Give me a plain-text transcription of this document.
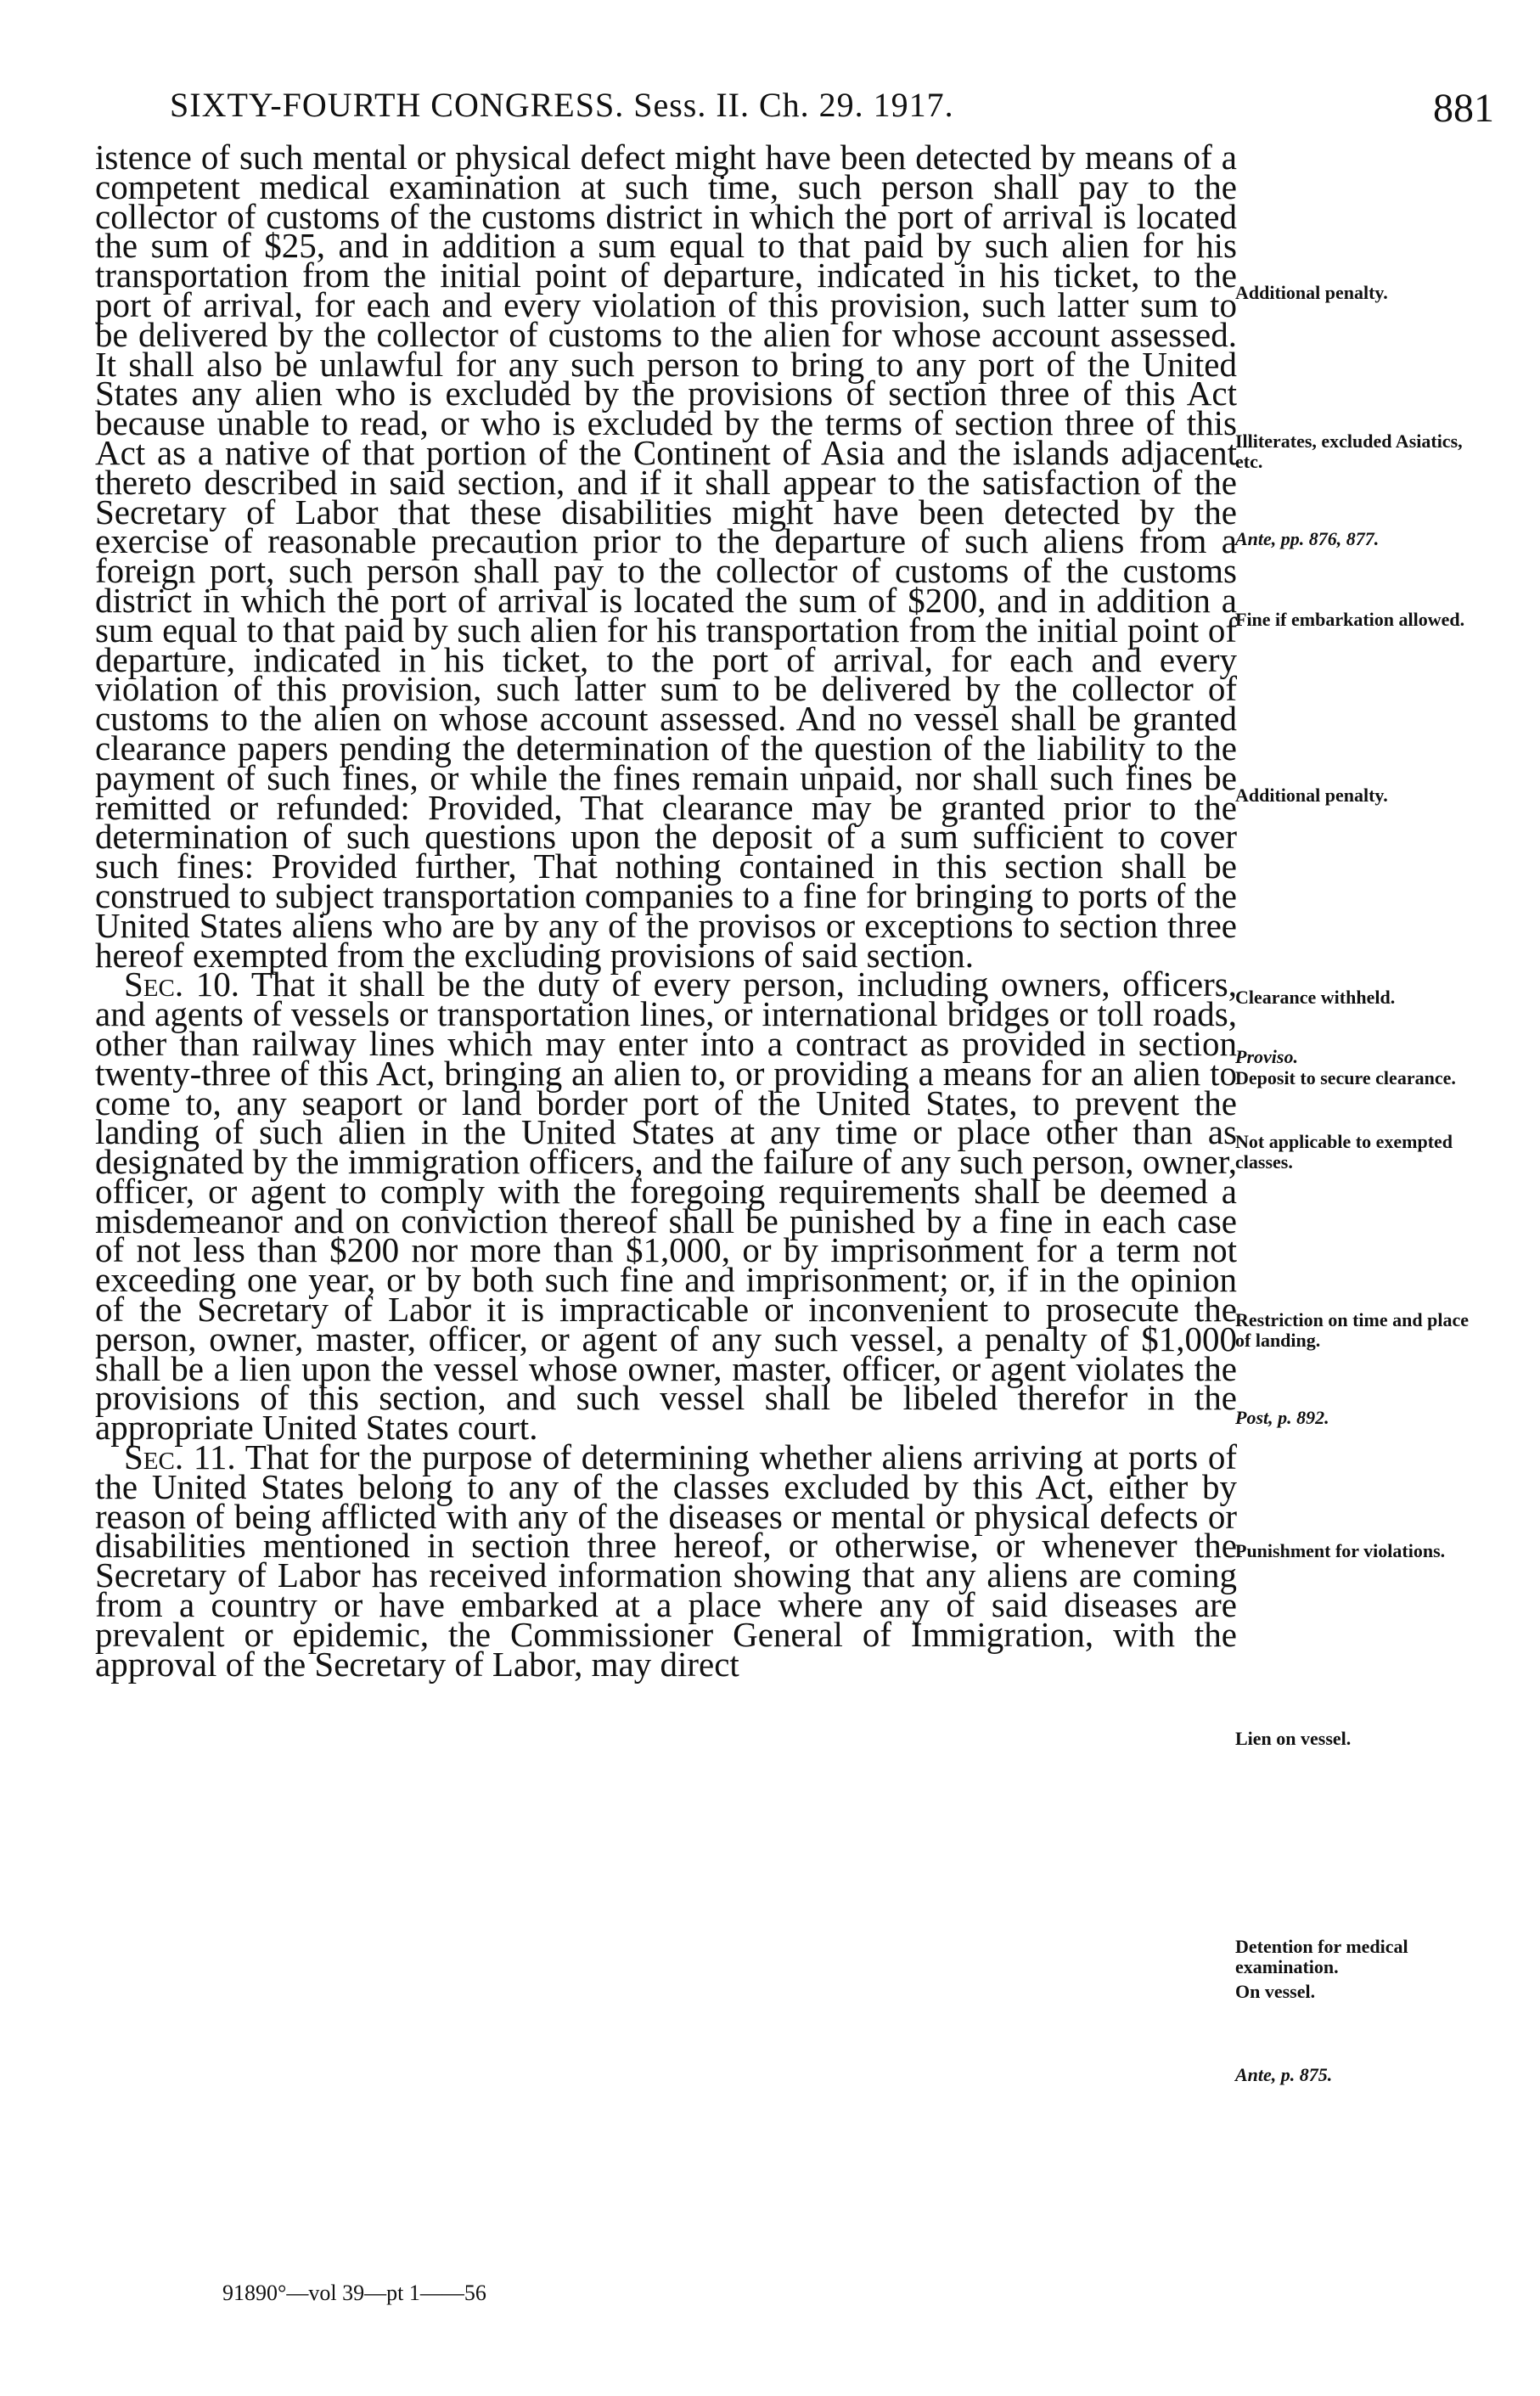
SIXTY-FOURTH CONGRESS. Sess. II. Ch. 29. 1917.	881

istence of such mental or physical defect might have been detected by means of a competent medical examination at such time, such person shall pay to the collector of customs of the customs district in which the port of arrival is located the sum of $25, and in addition a sum equal to that paid by such alien for his transportation from the initial point of departure, indicated in his ticket, to the port of arrival, for each and every violation of this provision, such latter sum to be delivered by the collector of customs to the alien for whose account assessed. It shall also be unlawful for any such person to bring to any port of the United States any alien who is excluded by the provisions of section three of this Act because unable to read, or who is excluded by the terms of section three of this Act as a native of that portion of the Continent of Asia and the islands adjacent thereto described in said section, and if it shall appear to the satisfaction of the Secretary of Labor that these disabilities might have been detected by the exercise of reasonable precaution prior to the departure of such aliens from a foreign port, such person shall pay to the collector of customs of the customs district in which the port of arrival is located the sum of $200, and in addition a sum equal to that paid by such alien for his transportation from the initial point of departure, indicated in his ticket, to the port of arrival, for each and every violation of this provision, such latter sum to be delivered by the collector of customs to the alien on whose account assessed. And no vessel shall be granted clearance papers pending the determination of the question of the liability to the payment of such fines, or while the fines remain unpaid, nor shall such fines be remitted or refunded: Provided, That clearance may be granted prior to the determination of such questions upon the deposit of a sum sufficient to cover such fines: Provided further, That nothing contained in this section shall be construed to subject transportation companies to a fine for bringing to ports of the United States aliens who are by any of the provisos or exceptions to section three hereof exempted from the excluding provisions of said section.

Sec. 10. That it shall be the duty of every person, including owners, officers, and agents of vessels or transportation lines, or international bridges or toll roads, other than railway lines which may enter into a contract as provided in section twenty-three of this Act, bringing an alien to, or providing a means for an alien to come to, any seaport or land border port of the United States, to prevent the landing of such alien in the United States at any time or place other than as designated by the immigration officers, and the failure of any such person, owner, officer, or agent to comply with the foregoing requirements shall be deemed a misdemeanor and on conviction thereof shall be punished by a fine in each case of not less than $200 nor more than $1,000, or by imprisonment for a term not exceeding one year, or by both such fine and imprisonment; or, if in the opinion of the Secretary of Labor it is impracticable or inconvenient to prosecute the person, owner, master, officer, or agent of any such vessel, a penalty of $1,000 shall be a lien upon the vessel whose owner, master, officer, or agent violates the provisions of this section, and such vessel shall be libeled therefor in the appropriate United States court.

Sec. 11. That for the purpose of determining whether aliens arriving at ports of the United States belong to any of the classes excluded by this Act, either by reason of being afflicted with any of the diseases or mental or physical defects or disabilities mentioned in section three hereof, or otherwise, or whenever the Secretary of Labor has received information showing that any aliens are coming from a country or have embarked at a place where any of said diseases are prevalent or epidemic, the Commissioner General of Immigration, with the approval of the Secretary of Labor, may direct

Additional penalty.
Illiterates, excluded Asiatics, etc.
Ante, pp. 876, 877.
Fine if embarkation allowed.
Additional penalty.
Clearance withheld.
Proviso.
Deposit to secure clearance.
Not applicable to exempted classes.
Restriction on time and place of landing.
Post, p. 892.
Punishment for violations.
Lien on vessel.
Detention for medical examination.
On vessel.
Ante, p. 875.
91890°—vol 39—pt 1——56
